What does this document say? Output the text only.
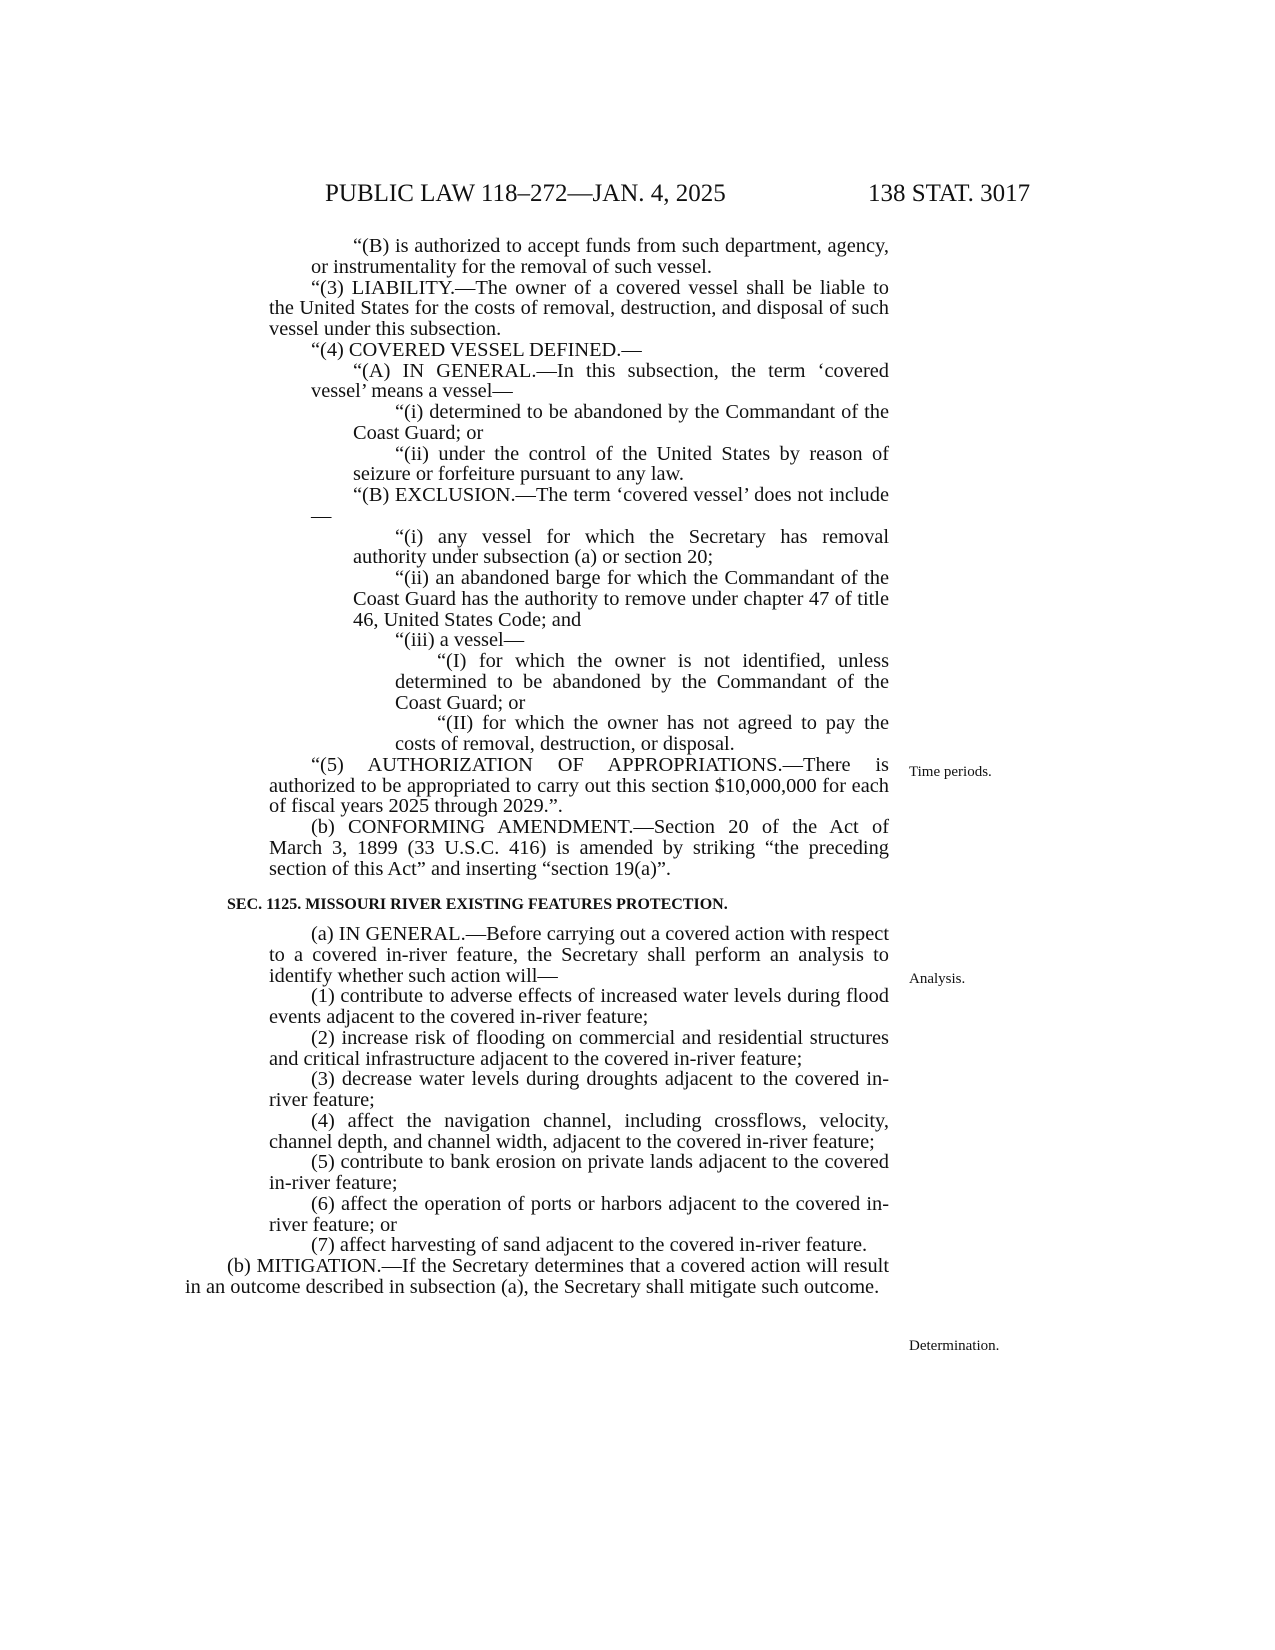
PUBLIC LAW 118–272—JAN. 4, 2025	138 STAT. 3017
Time periods.
Analysis.
Determination.

“(B) is authorized to accept funds from such department, agency, or instrumentality for the removal of such vessel.

“(3) LIABILITY.—The owner of a covered vessel shall be liable to the United States for the costs of removal, destruction, and disposal of such vessel under this subsection.

“(4) COVERED VESSEL DEFINED.—

“(A) IN GENERAL.—In this subsection, the term ‘covered vessel’ means a vessel—

“(i) determined to be abandoned by the Commandant of the Coast Guard; or

“(ii) under the control of the United States by reason of seizure or forfeiture pursuant to any law.

“(B) EXCLUSION.—The term ‘covered vessel’ does not include—

“(i) any vessel for which the Secretary has removal authority under subsection (a) or section 20;

“(ii) an abandoned barge for which the Commandant of the Coast Guard has the authority to remove under chapter 47 of title 46, United States Code; and

“(iii) a vessel—

“(I) for which the owner is not identified, unless determined to be abandoned by the Commandant of the Coast Guard; or

“(II) for which the owner has not agreed to pay the costs of removal, destruction, or disposal.

“(5) AUTHORIZATION OF APPROPRIATIONS.—There is authorized to be appropriated to carry out this section $10,000,000 for each of fiscal years 2025 through 2029.”.

(b) CONFORMING AMENDMENT.—Section 20 of the Act of March 3, 1899 (33 U.S.C. 416) is amended by striking “the preceding section of this Act” and inserting “section 19(a)”.

SEC. 1125. MISSOURI RIVER EXISTING FEATURES PROTECTION.

(a) IN GENERAL.—Before carrying out a covered action with respect to a covered in-river feature, the Secretary shall perform an analysis to identify whether such action will—

(1) contribute to adverse effects of increased water levels during flood events adjacent to the covered in-river feature;

(2) increase risk of flooding on commercial and residential structures and critical infrastructure adjacent to the covered in-river feature;

(3) decrease water levels during droughts adjacent to the covered in-river feature;

(4) affect the navigation channel, including crossflows, velocity, channel depth, and channel width, adjacent to the covered in-river feature;

(5) contribute to bank erosion on private lands adjacent to the covered in-river feature;

(6) affect the operation of ports or harbors adjacent to the covered in-river feature; or

(7) affect harvesting of sand adjacent to the covered in-river feature.

(b) MITIGATION.—If the Secretary determines that a covered action will result in an outcome described in subsection (a), the Secretary shall mitigate such outcome.
